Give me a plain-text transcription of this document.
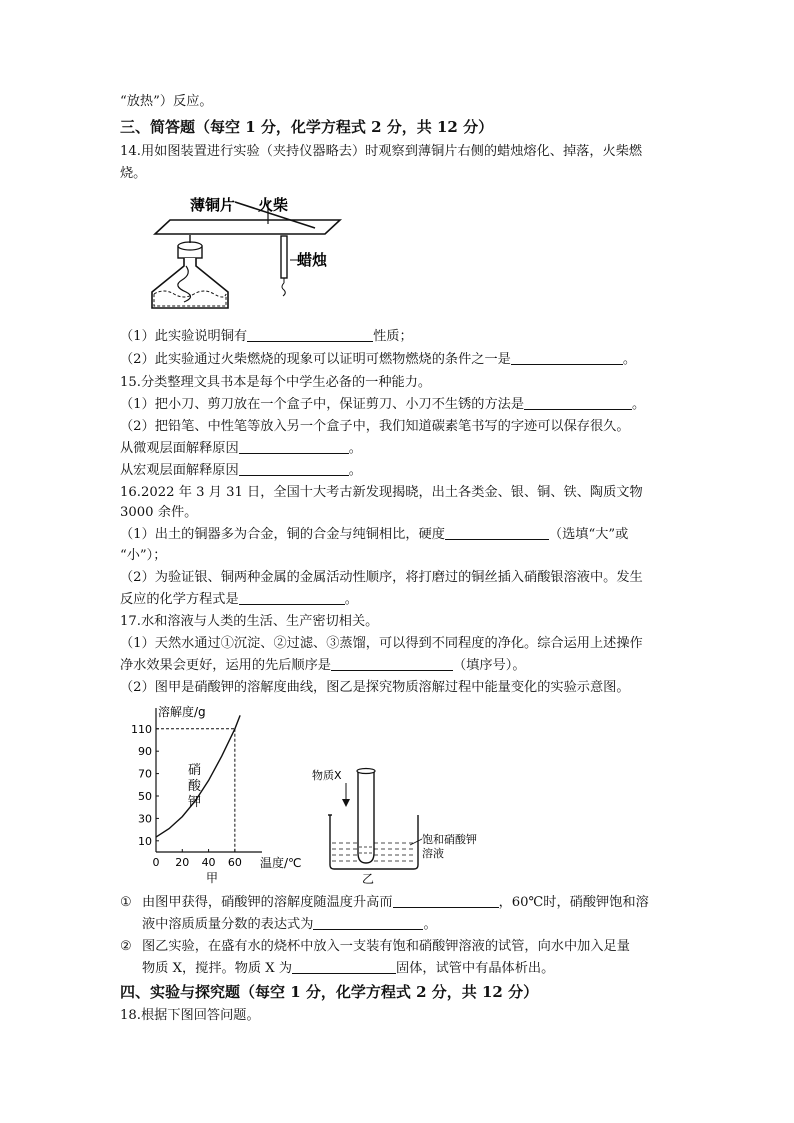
“放热”）反应。
三、简答题（每空 1 分，化学方程式 2 分，共 12 分）
14.用如图装置进行实验（夹持仪器略去）时观察到薄铜片右侧的蜡烛熔化、掉落，火柴燃
烧。
薄铜片 火柴
蜡烛
（1）此实验说明铜有	性质；
（2）此实验通过火柴燃烧的现象可以证明可燃物燃烧的条件之一是	。
15.分类整理文具书本是每个中学生必备的一种能力。
（1）把小刀、剪刀放在一个盒子中，保证剪刀、小刀不生锈的方法是	。
（2）把铅笔、中性笔等放入另一个盒子中，我们知道碳素笔书写的字迹可以保存很久。
从微观层面解释原因	。
从宏观层面解释原因	。
16.2022 年 3 月 31 日，全国十大考古新发现揭晓，出土各类金、银、铜、铁、陶质文物
3000 余件。
（1）出土的铜器多为合金，铜的合金与纯铜相比，硬度	（选填“大”或
“小”）；
（2）为验证银、铜两种金属的金属活动性顺序，将打磨过的铜丝插入硝酸银溶液中。发生
反应的化学方程式是	。
17.水和溶液与人类的生活、生产密切相关。
（1）天然水通过①沉淀、②过滤、③蒸馏，可以得到不同程度的净化。综合运用上述操作
净水效果会更好，运用的先后顺序是	（填序号）。
（2）图甲是硝酸钾的溶解度曲线，图乙是探究物质溶解过程中能量变化的实验示意图。
10
30
50
70
90
110
0 20 40 60
溶解度/g
温度/℃
甲
硝
酸
钾
物质X
饱和硝酸钾
溶液
乙
① 由图甲获得，硝酸钾的溶解度随温度升高而	，60℃时，硝酸钾饱和溶
液中溶质质量分数的表达式为	。
② 图乙实验，在盛有水的烧杯中放入一支装有饱和硝酸钾溶液的试管，向水中加入足量
物质 X，搅拌。物质 X 为	固体，试管中有晶体析出。
四、实验与探究题（每空 1 分，化学方程式 2 分，共 12 分）
18.根据下图回答问题。
